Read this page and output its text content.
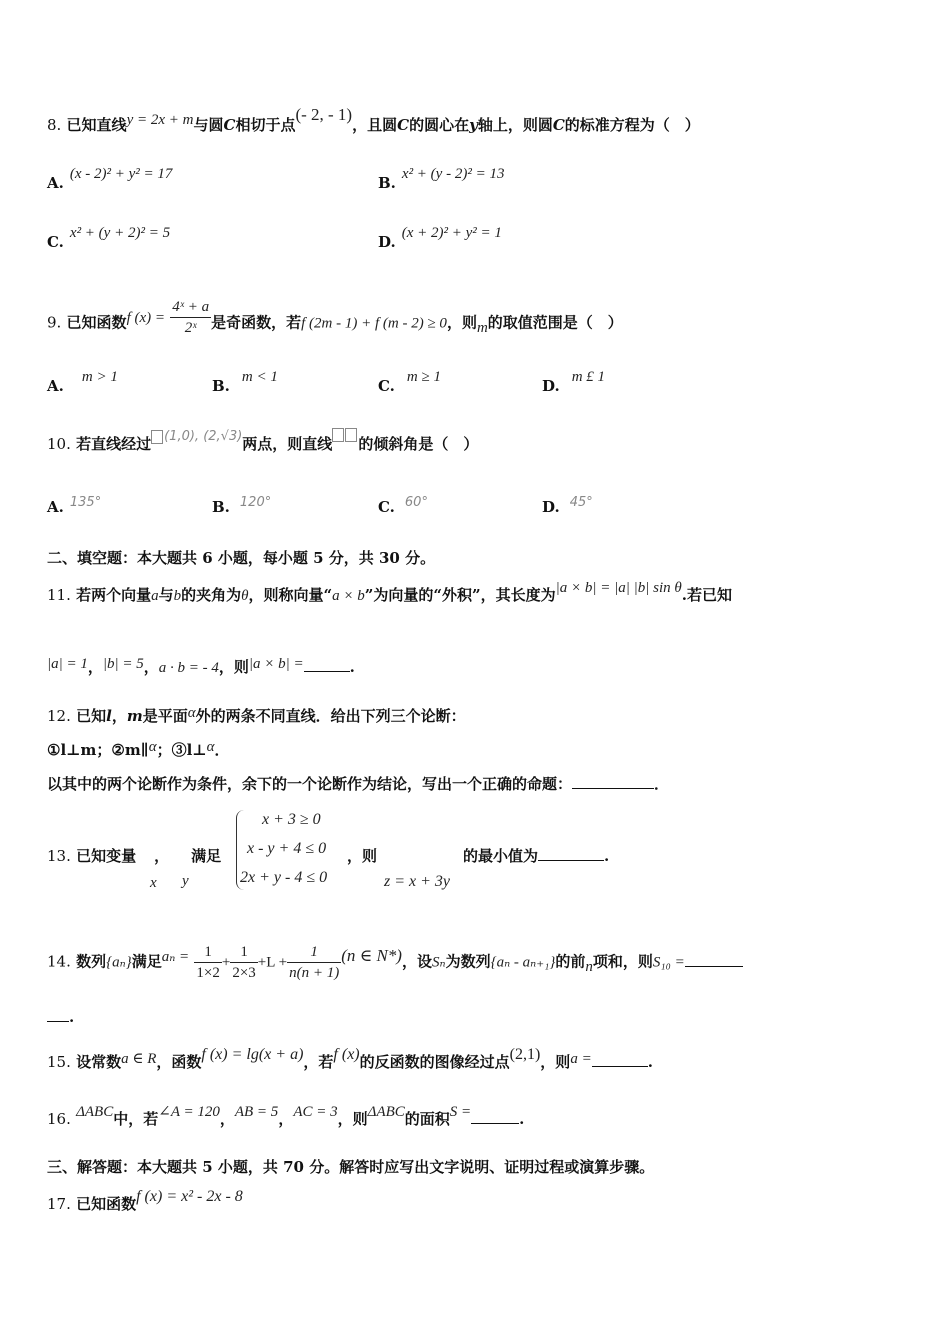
8. 已知直线y = 2x + m与圆C相切于点(- 2, - 1)，且圆C的圆心在y轴上，则圆C的标准方程为（　）
A. (x - 2)² + y² = 17	B. x² + (y - 2)² = 13
C. x² + (y + 2)² = 5	D. (x + 2)² + y² = 1
9. 已知函数f $(x) = \frac{\text{4ˣ + a}}{\text{2ˣ}}$ 是奇函数，若f (2m - 1) + f (m - 2) ≥ 0，则m的取值范围是（　）
A. m > 1	B. m < 1	C. m ≥ 1	D. m £ 1
10. 若直线经过 (1,0), (2,√3)两点，则直线 的倾斜角是（　）
A. 135°	B. 120°	C. 60°	D. 45°
二、填空题：本大题共 6 小题，每小题 5 分，共 30 分。
11. 若两个向量a与b的夹角为θ，则称向量“a × b”为向量的“外积”，其长度为|a × b| = |a| |b| sin θ.若已知
|a| = 1，|b| = 5，a · b = - 4，则|a × b| =	.
12. 已知l，m是平面α外的两条不同直线．给出下列三个论断：
①l⊥m；②m∥α；③l⊥α．
以其中的两个论断作为条件，余下的一个论断作为结论，写出一个正确的命题：	．
13. 已知变量 ， 满足
x y
x + 3 ≥ 0
x - y + 4 ≤ 0
2x + y - 4 ≤ 0
，则
z = x + 3y
的最小值为	.
14. 数列{aₙ}满足$a_n = \frac{1}{1\times 2} + \frac{1}{2\times 3} +L + \frac{1}{n(n + 1)} (n$ ∈ N*)，设Sₙ为数列{aₙ - aₙ₊₁}的前n项和，则S₁₀ =
.
15. 设常数a ∈ R，函数f (x) = lg(x + a)，若f (x)的反函数的图像经过点(2,1)，则a =	.
16. ΔABC中，若∠A = 120，AB = 5，AC = 3，则ΔABC的面积S =	.
三、解答题：本大题共 5 小题，共 70 分。解答时应写出文字说明、证明过程或演算步骤。
17. 已知函数f (x) = x² - 2x - 8
